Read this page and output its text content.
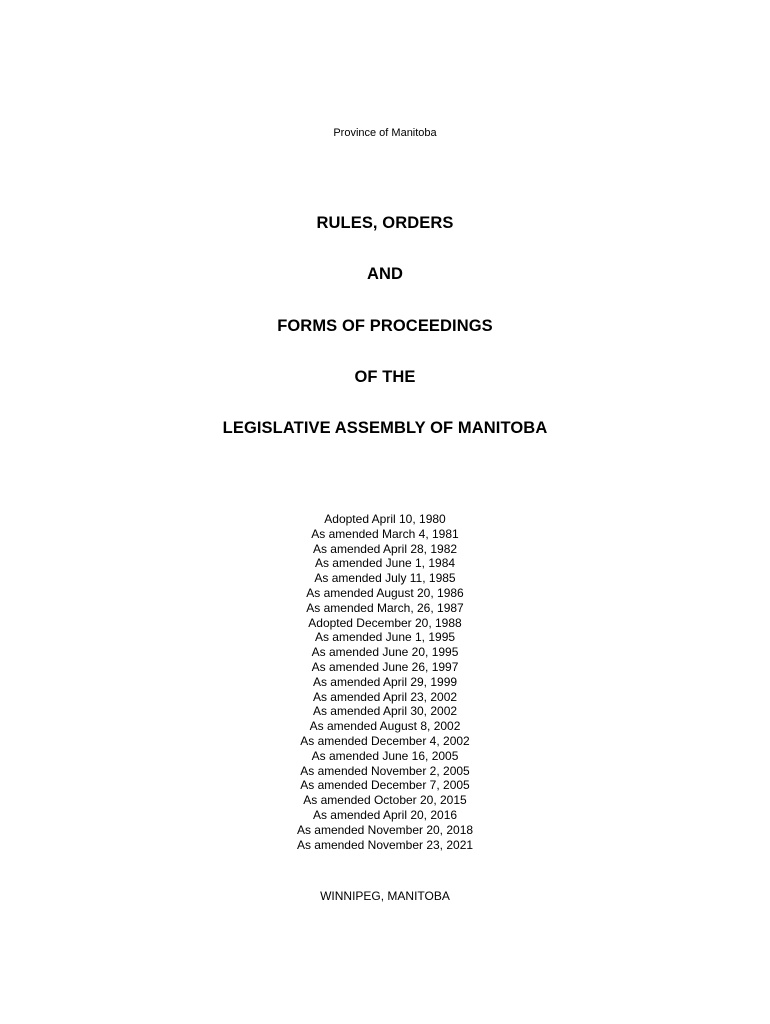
Province of Manitoba
RULES, ORDERS
AND
FORMS OF PROCEEDINGS
OF THE
LEGISLATIVE ASSEMBLY OF MANITOBA
Adopted April 10, 1980
As amended March 4, 1981
As amended April 28, 1982
As amended June 1, 1984
As amended July 11, 1985
As amended August 20, 1986
As amended March, 26, 1987
Adopted December 20, 1988
As amended June 1, 1995
As amended June 20, 1995
As amended June 26, 1997
As amended April 29, 1999
As amended April 23, 2002
As amended April 30, 2002
As amended August 8, 2002
As amended December 4, 2002
As amended June 16, 2005
As amended November 2, 2005
As amended December 7, 2005
As amended October 20, 2015
As amended April 20, 2016
As amended November 20, 2018
As amended November 23, 2021
WINNIPEG, MANITOBA
